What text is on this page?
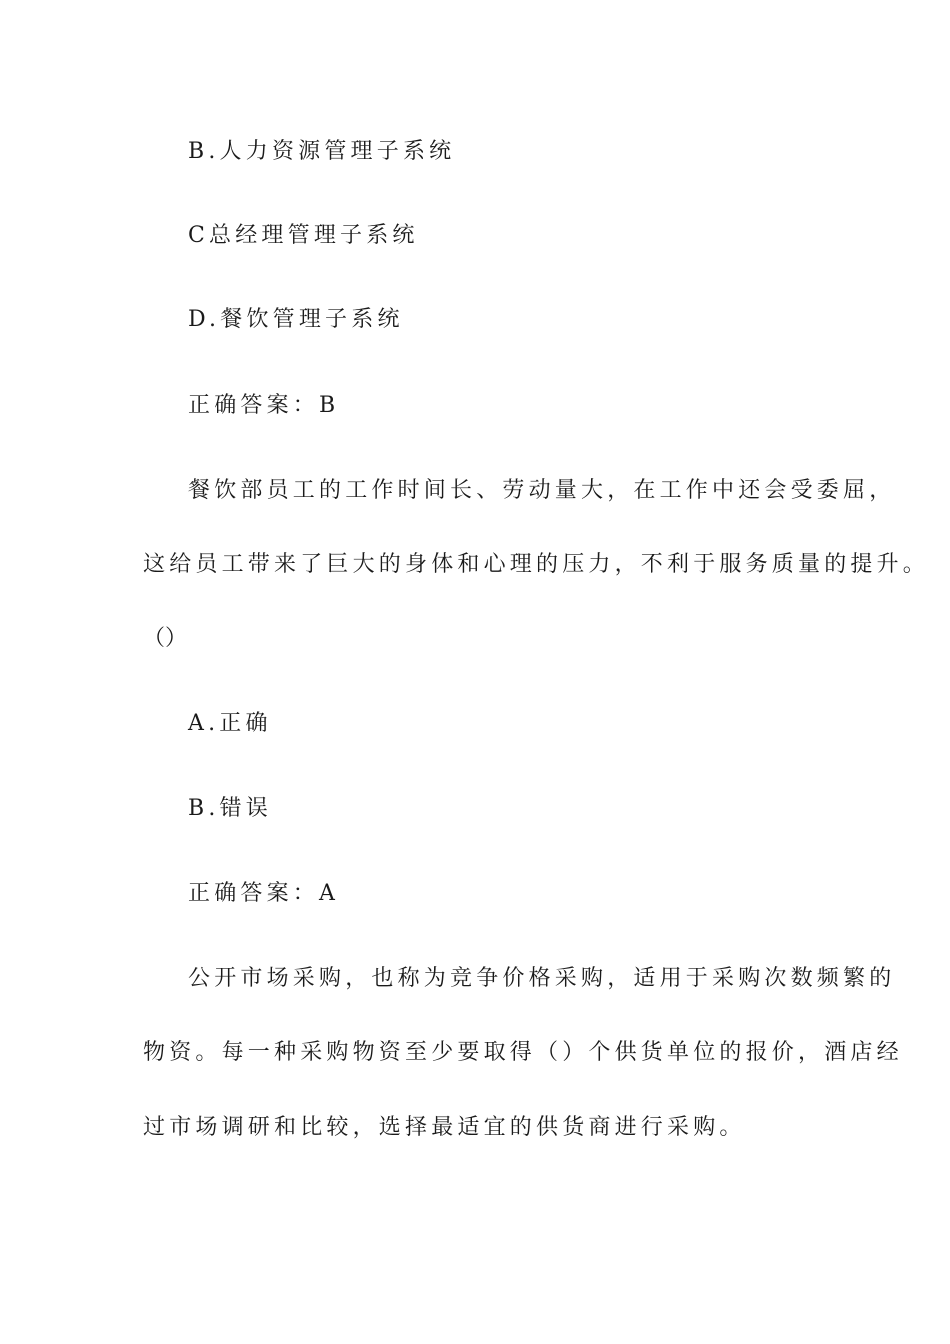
B.人力资源管理子系统
C总经理管理子系统
D.餐饮管理子系统
正确答案：B
餐饮部员工的工作时间长、劳动量大，在工作中还会受委屈，
这给员工带来了巨大的身体和心理的压力，不利于服务质量的提升。
（）
A.正确
B.错误
正确答案：A
公开市场采购，也称为竞争价格采购，适用于采购次数频繁的
物资。每一种采购物资至少要取得（）个供货单位的报价，酒店经
过市场调研和比较，选择最适宜的供货商进行采购。
